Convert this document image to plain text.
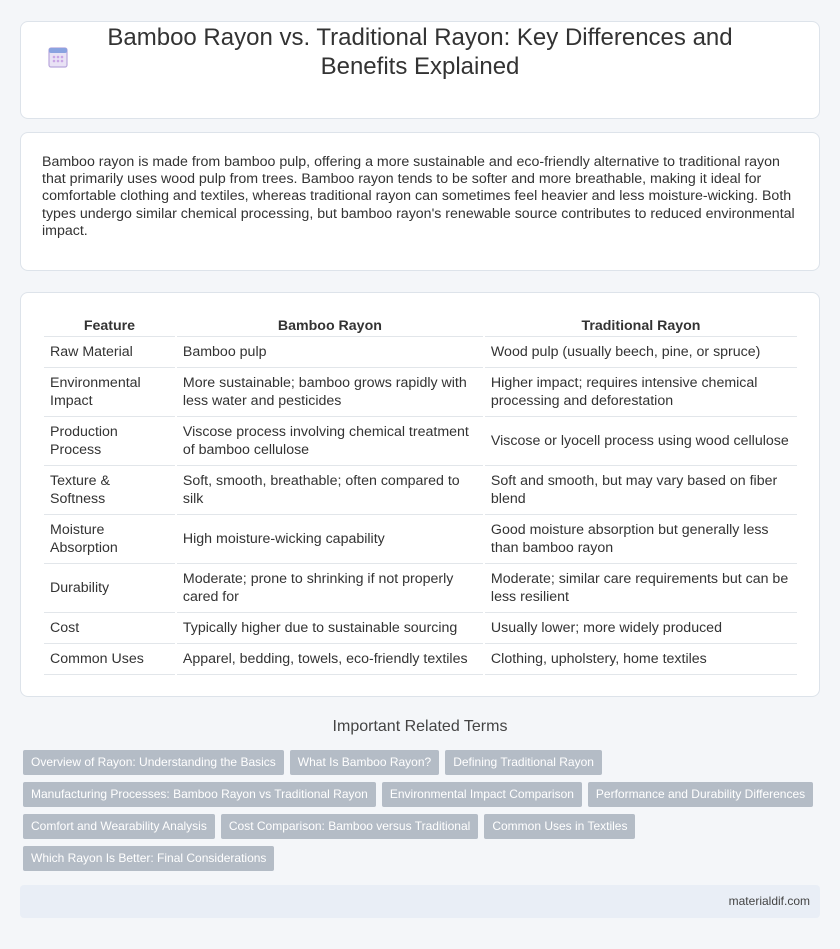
Bamboo Rayon vs. Traditional Rayon: Key Differences and Benefits Explained

Bamboo rayon is made from bamboo pulp, offering a more sustainable and eco-friendly alternative to traditional rayon that primarily uses wood pulp from trees. Bamboo rayon tends to be softer and more breathable, making it ideal for comfortable clothing and textiles, whereas traditional rayon can sometimes feel heavier and less moisture-wicking. Both types undergo similar chemical processing, but bamboo rayon's renewable source contributes to reduced environmental impact.

Feature	Bamboo Rayon	Traditional Rayon
Raw Material	Bamboo pulp	Wood pulp (usually beech, pine, or spruce)
Environmental Impact	More sustainable; bamboo grows rapidly with less water and pesticides	Higher impact; requires intensive chemical processing and deforestation
Production Process	Viscose process involving chemical treatment of bamboo cellulose	Viscose or lyocell process using wood cellulose
Texture & Softness	Soft, smooth, breathable; often compared to silk	Soft and smooth, but may vary based on fiber blend
Moisture Absorption	High moisture-wicking capability	Good moisture absorption but generally less than bamboo rayon
Durability	Moderate; prone to shrinking if not properly cared for	Moderate; similar care requirements but can be less resilient
Cost	Typically higher due to sustainable sourcing	Usually lower; more widely produced
Common Uses	Apparel, bedding, towels, eco-friendly textiles	Clothing, upholstery, home textiles
Important Related Terms
Overview of Rayon: Understanding the Basics	What Is Bamboo Rayon?	Defining Traditional Rayon
Manufacturing Processes: Bamboo Rayon vs Traditional Rayon	Environmental Impact Comparison	Performance and Durability Differences
Comfort and Wearability Analysis	Cost Comparison: Bamboo versus Traditional	Common Uses in Textiles
Which Rayon Is Better: Final Considerations
materialdif.com
